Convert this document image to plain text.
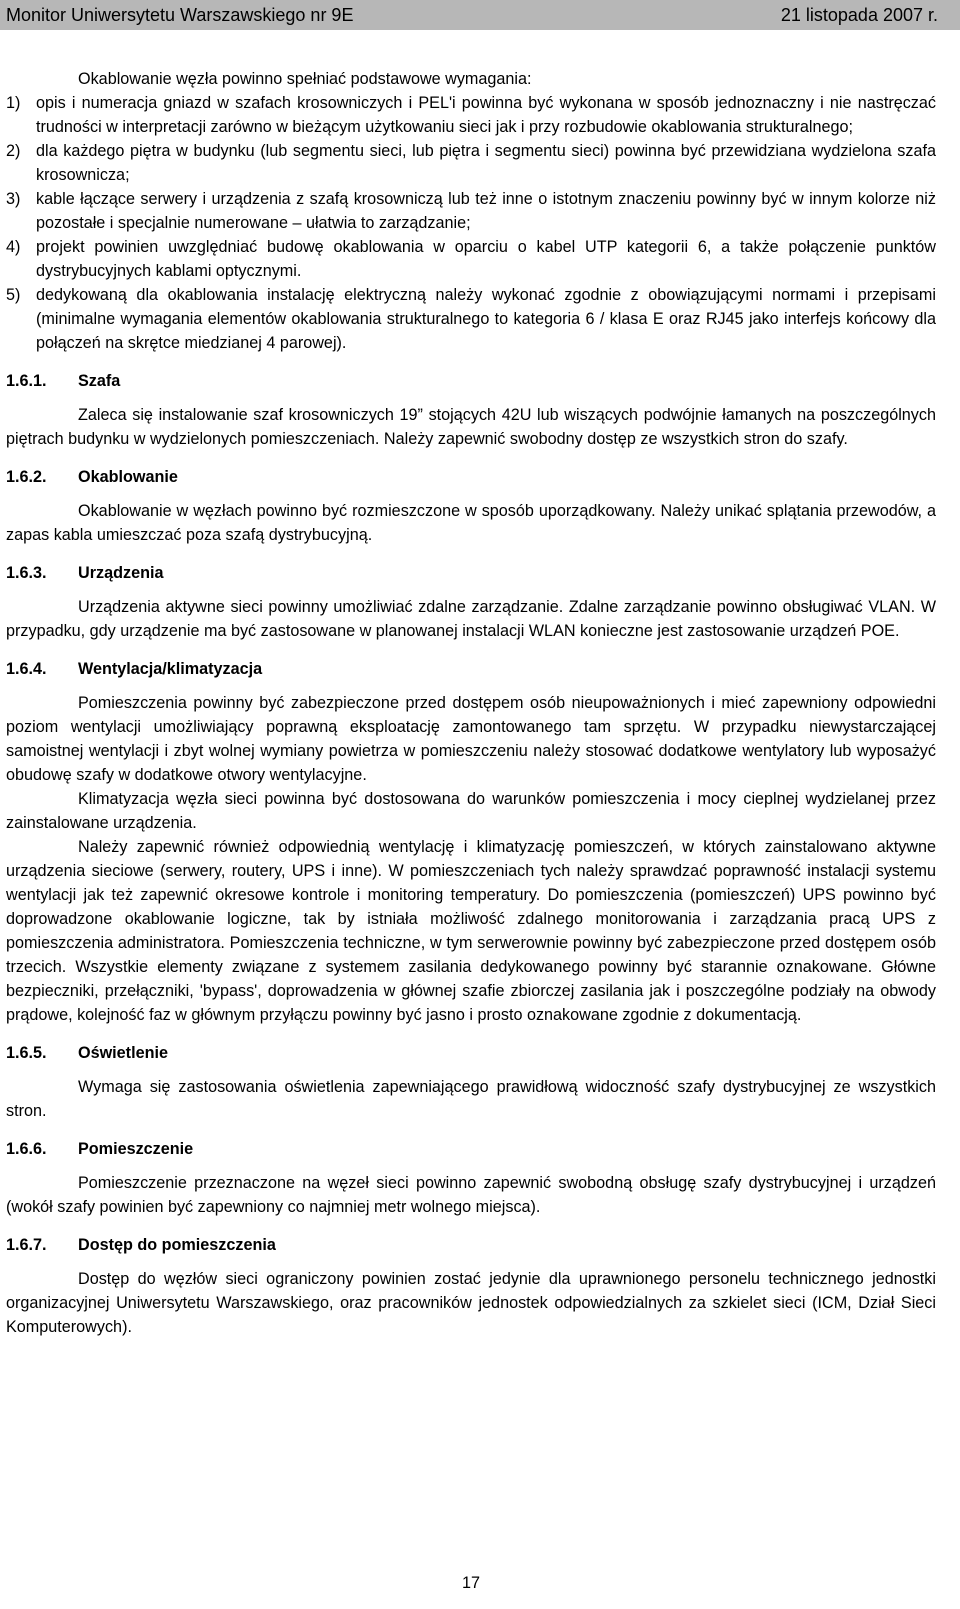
Monitor Uniwersytetu Warszawskiego nr 9E	21 listopada 2007 r.

Okablowanie węzła powinno spełniać podstawowe wymagania:

1) opis i numeracja gniazd w szafach krosowniczych i PEL'i powinna być wykonana w sposób jednoznaczny i nie nastręczać trudności w interpretacji zarówno w bieżącym użytkowaniu sieci jak i przy rozbudowie okablowania strukturalnego;
2) dla każdego piętra w budynku (lub segmentu sieci, lub piętra i segmentu sieci) powinna być przewidziana wydzielona szafa krosownicza;
3) kable łączące serwery i urządzenia z szafą krosowniczą lub też inne o istotnym znaczeniu powinny być w innym kolorze niż pozostałe i specjalnie numerowane – ułatwia to zarządzanie;
4) projekt powinien uwzględniać budowę okablowania w oparciu o kabel UTP kategorii 6, a także połączenie punktów dystrybucyjnych kablami optycznymi.
5) dedykowaną dla okablowania instalację elektryczną należy wykonać zgodnie z obowiązującymi normami i przepisami (minimalne wymagania elementów okablowania strukturalnego to kategoria 6 / klasa E oraz RJ45 jako interfejs końcowy dla połączeń na skrętce miedzianej 4 parowej).
1.6.1. Szafa

Zaleca się instalowanie szaf krosowniczych 19” stojących 42U lub wiszących podwójnie łamanych na poszczególnych piętrach budynku w wydzielonych pomieszczeniach. Należy zapewnić swobodny dostęp ze wszystkich stron do szafy.

1.6.2. Okablowanie

Okablowanie w węzłach powinno być rozmieszczone w sposób uporządkowany. Należy unikać splątania przewodów, a zapas kabla umieszczać poza szafą dystrybucyjną.

1.6.3. Urządzenia

Urządzenia aktywne sieci powinny umożliwiać zdalne zarządzanie. Zdalne zarządzanie powinno obsługiwać VLAN. W przypadku, gdy urządzenie ma być zastosowane w planowanej instalacji WLAN konieczne jest zastosowanie urządzeń POE.

1.6.4. Wentylacja/klimatyzacja

Pomieszczenia powinny być zabezpieczone przed dostępem osób nieupoważnionych i mieć zapewniony odpowiedni poziom wentylacji umożliwiający poprawną eksploatację zamontowanego tam sprzętu. W przypadku niewystarczającej samoistnej wentylacji i zbyt wolnej wymiany powietrza w pomieszczeniu należy stosować dodatkowe wentylatory lub wyposażyć obudowę szafy w dodatkowe otwory wentylacyjne.

Klimatyzacja węzła sieci powinna być dostosowana do warunków pomieszczenia i mocy cieplnej wydzielanej przez zainstalowane urządzenia.

Należy zapewnić również odpowiednią wentylację i klimatyzację pomieszczeń, w których zainstalowano aktywne urządzenia sieciowe (serwery, routery, UPS i inne). W pomieszczeniach tych należy sprawdzać poprawność instalacji systemu wentylacji jak też zapewnić okresowe kontrole i monitoring temperatury. Do pomieszczenia (pomieszczeń) UPS powinno być doprowadzone okablowanie logiczne, tak by istniała możliwość zdalnego monitorowania i zarządzania pracą UPS z pomieszczenia administratora. Pomieszczenia techniczne, w tym serwerownie powinny być zabezpieczone przed dostępem osób trzecich. Wszystkie elementy związane z systemem zasilania dedykowanego powinny być starannie oznakowane. Główne bezpieczniki, przełączniki, 'bypass', doprowadzenia w głównej szafie zbiorczej zasilania jak i poszczególne podziały na obwody prądowe, kolejność faz w głównym przyłączu powinny być jasno i prosto oznakowane zgodnie z dokumentacją.

1.6.5. Oświetlenie

Wymaga się zastosowania oświetlenia zapewniającego prawidłową widoczność szafy dystrybucyjnej ze wszystkich stron.

1.6.6. Pomieszczenie

Pomieszczenie przeznaczone na węzeł sieci powinno zapewnić swobodną obsługę szafy dystrybucyjnej i urządzeń (wokół szafy powinien być zapewniony co najmniej metr wolnego miejsca).

1.6.7. Dostęp do pomieszczenia

Dostęp do węzłów sieci ograniczony powinien zostać jedynie dla uprawnionego personelu technicznego jednostki organizacyjnej Uniwersytetu Warszawskiego, oraz pracowników jednostek odpowiedzialnych za szkielet sieci (ICM, Dział Sieci Komputerowych).

17
